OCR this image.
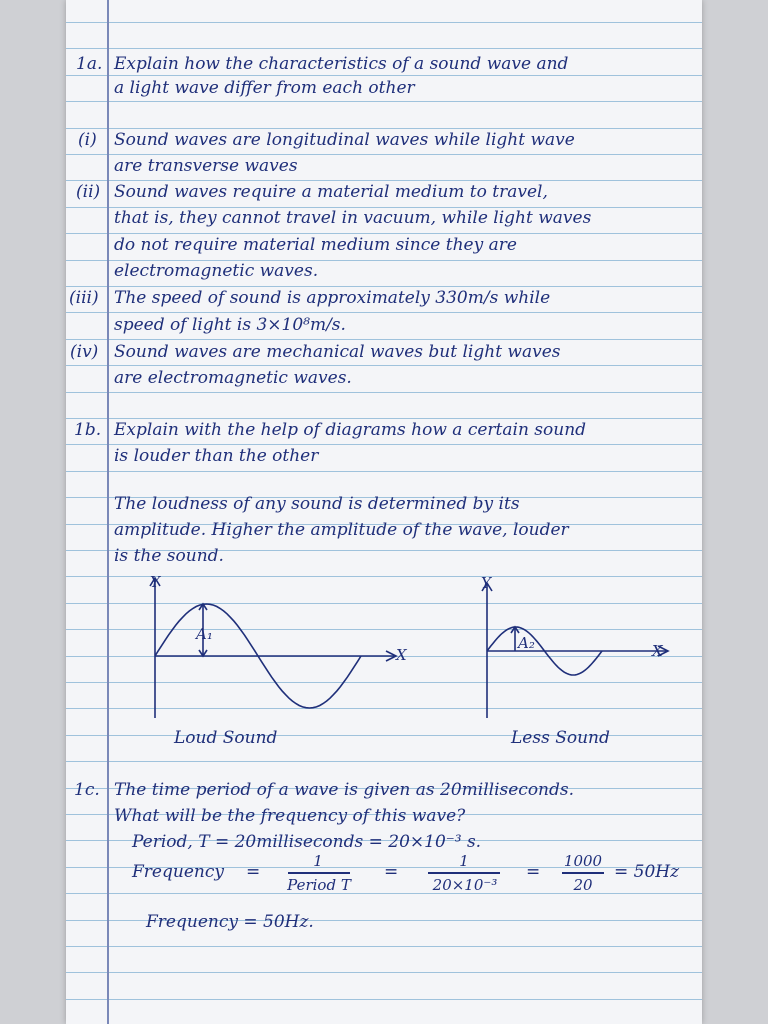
1a. Explain how the characteristics of a sound wave and
a light wave differ from each other
(i) Sound waves are longitudinal waves while light wave
are transverse waves
(ii) Sound waves require a material medium to travel,
that is, they cannot travel in vacuum, while light waves
do not require material medium since they are
electromagnetic waves.
(iii) The speed of sound is approximately 330m/s while
speed of light is 3×10⁸m/s.
(iv) Sound waves are mechanical waves but light waves
are electromagnetic waves.
1b. Explain with the help of diagrams how a certain sound
is louder than the other
The loudness of any sound is determined by its
amplitude. Higher the amplitude of the wave, louder
is the sound.
Y
X
A₁
Loud Sound
Y
X
A₂
Less Sound
1c. The time period of a wave is given as 20milliseconds.
What will be the frequency of this wave?
Period, T = 20milliseconds = 20×10⁻³ s.
Frequency =
1
Period T
=
1
20×10⁻³
=
1000
20
= 50Hz
Frequency = 50Hz.
